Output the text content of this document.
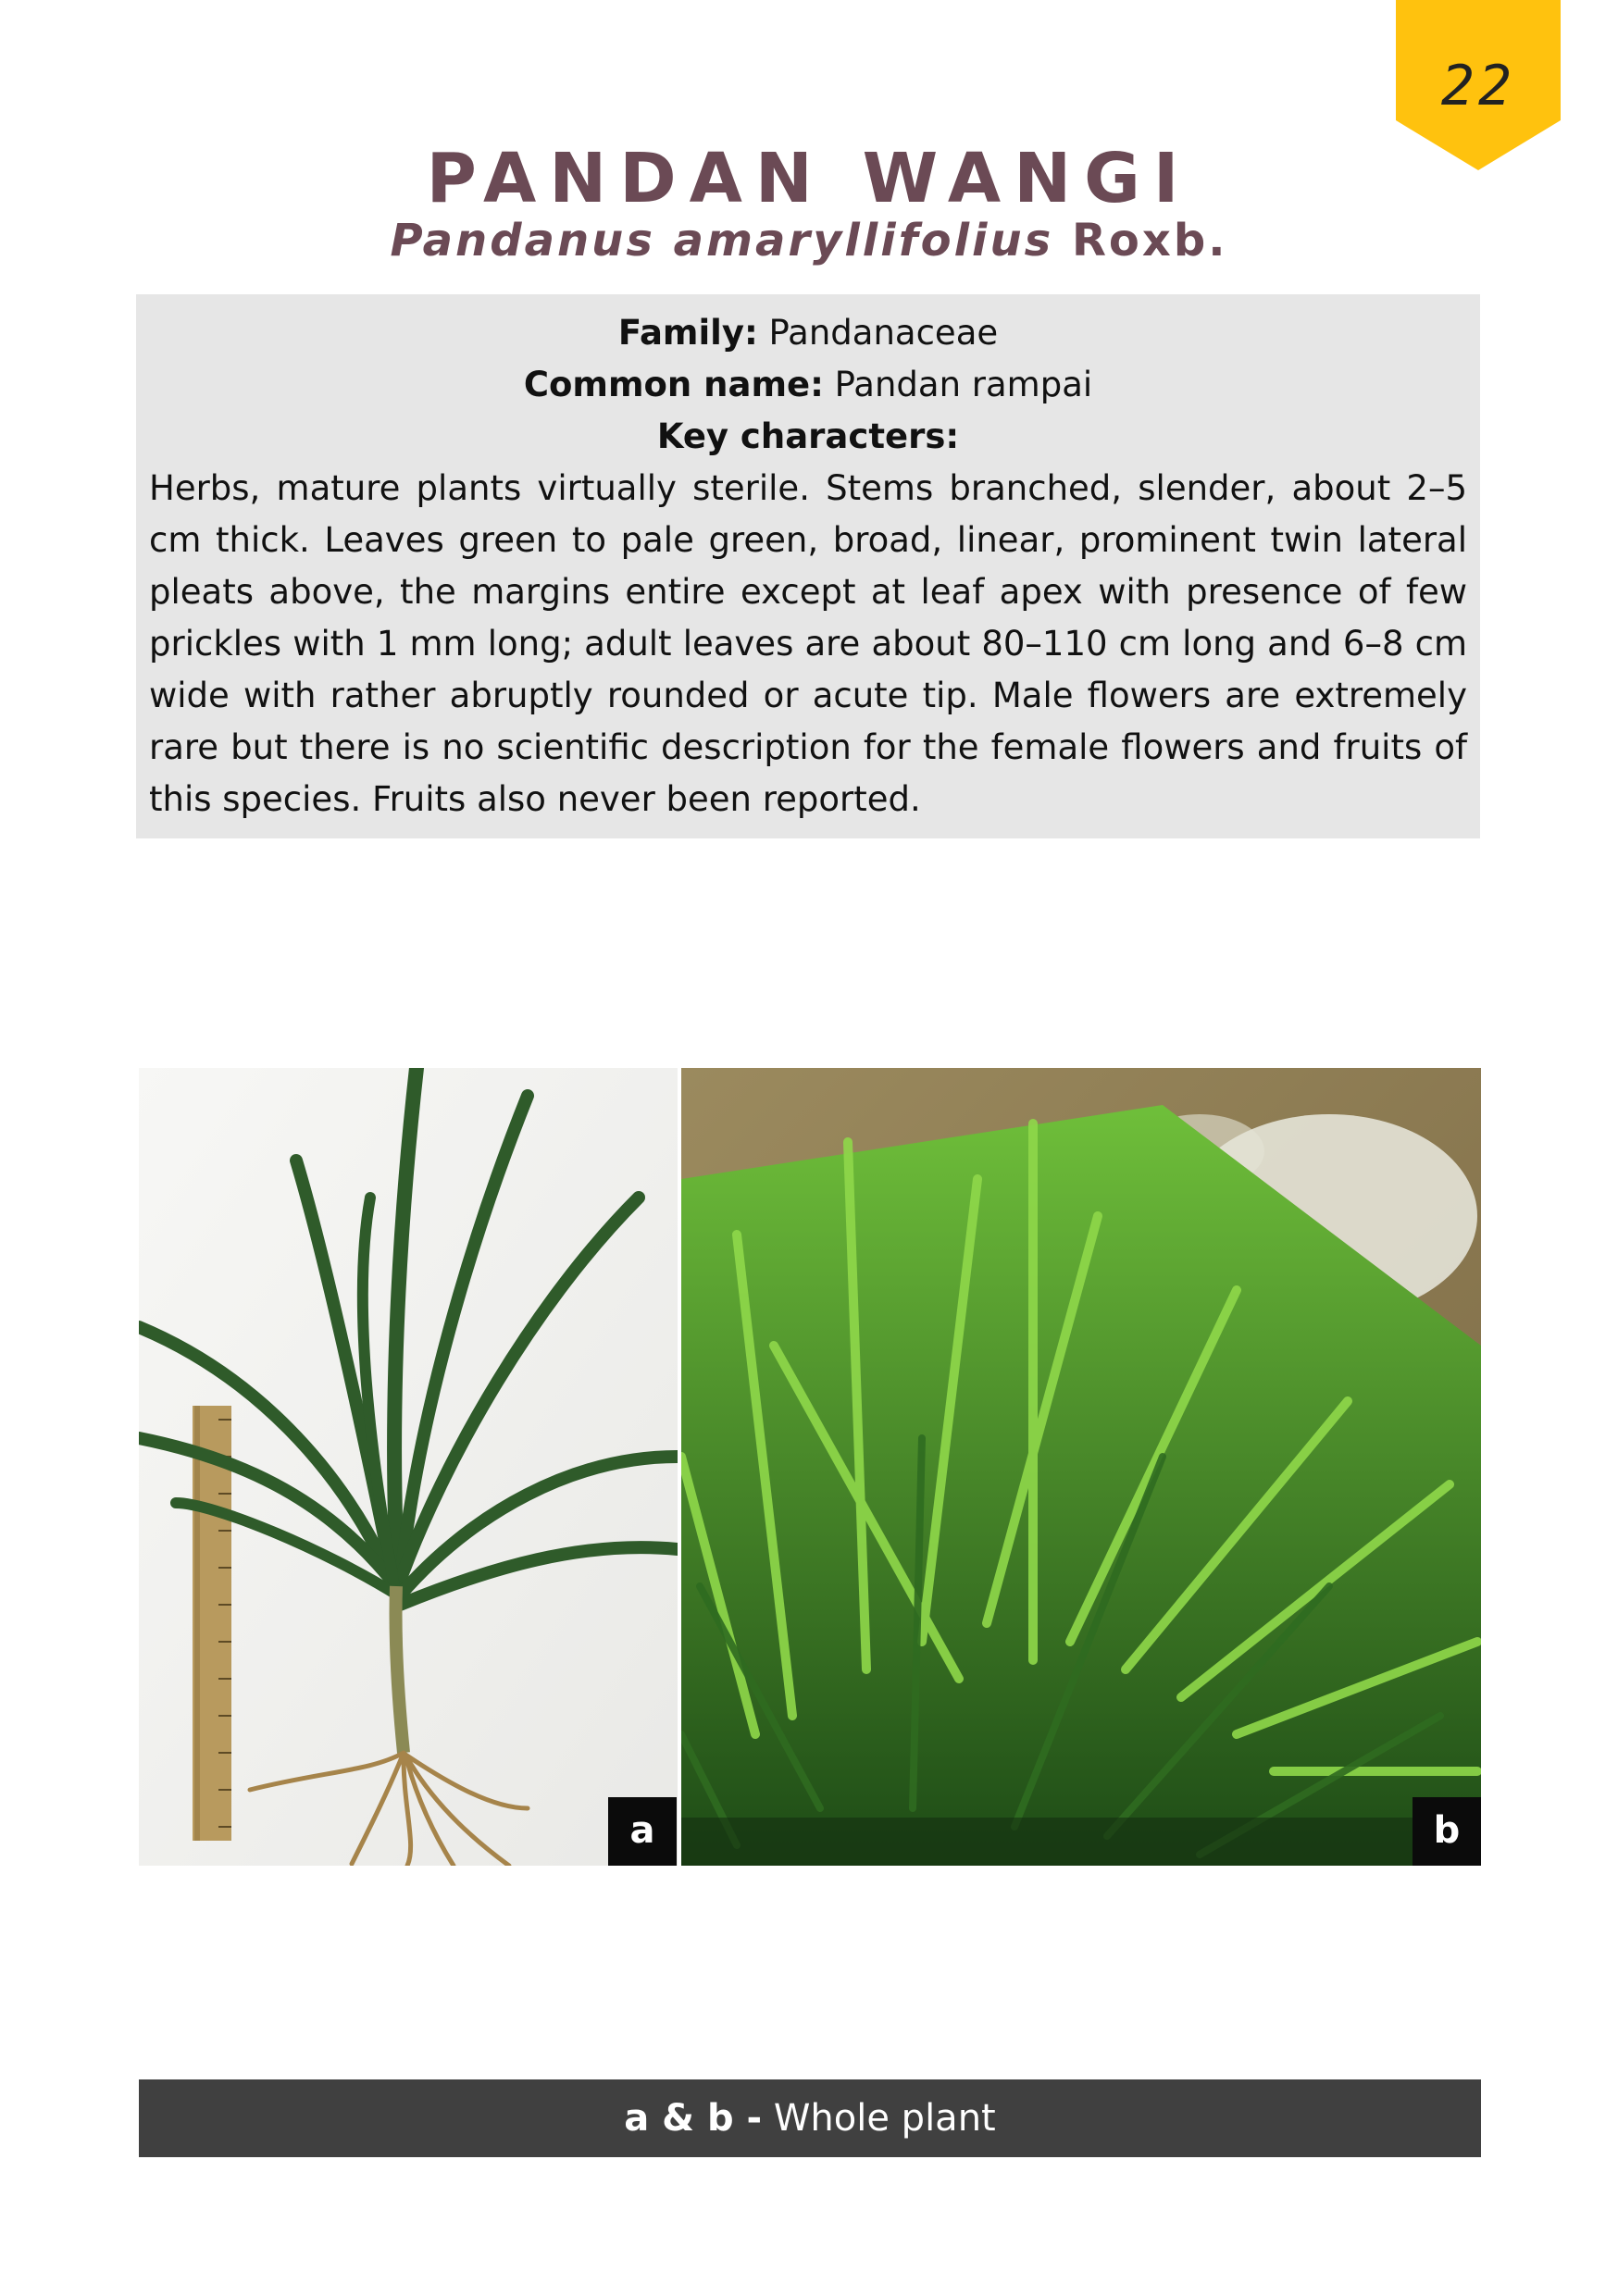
22
PANDAN WANGI
Pandanus amaryllifolius Roxb.
Family: Pandanaceae
Common name: Pandan rampai
Key characters:
Herbs, mature plants virtually sterile. Stems branched, slender, about 2–5 cm thick. Leaves green to pale green, broad, linear, prominent twin lateral pleats above, the margins entire except at leaf apex with presence of few prickles with 1 mm long; adult leaves are about 80–110 cm long and 6–8 cm wide with rather abruptly rounded or acute tip. Male flowers are extremely rare but there is no scientific description for the female flowers and fruits of this species. Fruits also never been reported.
a	b
a & b - Whole plant
